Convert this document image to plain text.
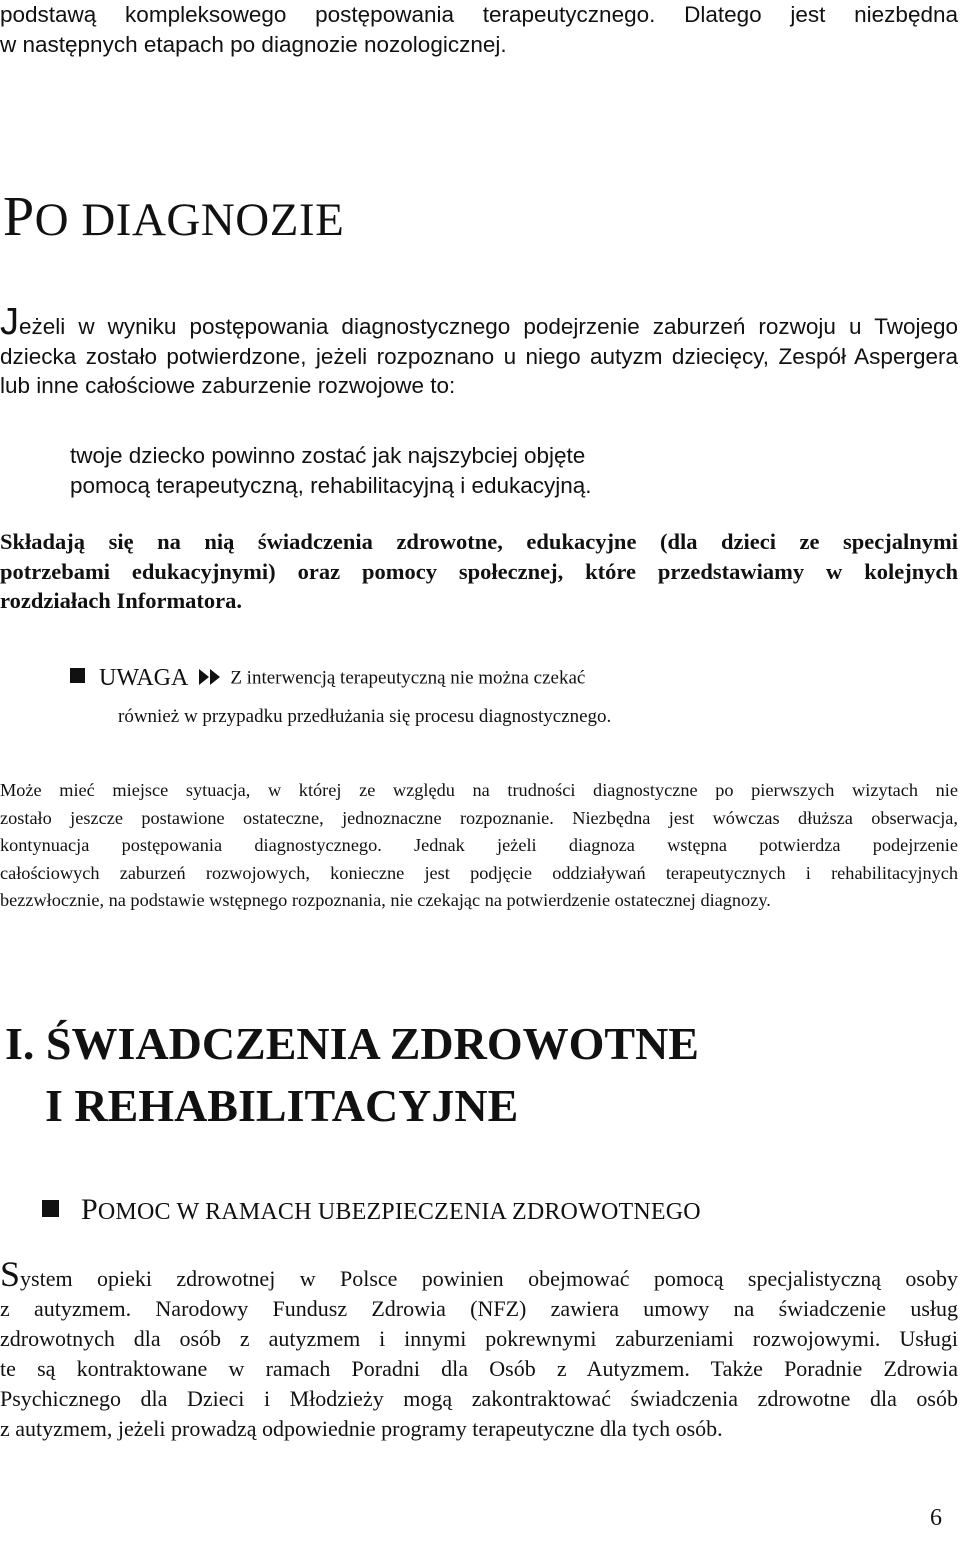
podstawą kompleksowego postępowania terapeutycznego. Dlatego jest niezbędna
w następnych etapach po diagnozie nozologicznej.
PO DIAGNOZIE
Jeżeli w wyniku postępowania diagnostycznego podejrzenie zaburzeń rozwoju u Twojego
dziecka zostało potwierdzone, jeżeli rozpoznano u niego autyzm dziecięcy, Zespół Aspergera
lub inne całościowe zaburzenie rozwojowe to:
twoje dziecko powinno zostać jak najszybciej objęte
pomocą terapeutyczną, rehabilitacyjną i edukacyjną.
Składają się na nią świadczenia zdrowotne, edukacyjne (dla dzieci ze specjalnymi
potrzebami edukacyjnymi) oraz pomocy społecznej, które przedstawiamy w kolejnych
rozdziałach Informatora.
UWAGA Z interwencją terapeutyczną nie można czekać
również w przypadku przedłużania się procesu diagnostycznego.
Może mieć miejsce sytuacja, w której ze względu na trudności diagnostyczne po pierwszych wizytach nie
zostało jeszcze postawione ostateczne, jednoznaczne rozpoznanie. Niezbędna jest wówczas dłuższa obserwacja,
kontynuacja postępowania diagnostycznego. Jednak jeżeli diagnoza wstępna potwierdza podejrzenie
całościowych zaburzeń rozwojowych, konieczne jest podjęcie oddziaływań terapeutycznych i rehabilitacyjnych
bezzwłocznie, na podstawie wstępnego rozpoznania, nie czekając na potwierdzenie ostatecznej diagnozy.
I. ŚWIADCZENIA ZDROWOTNE
I REHABILITACYJNE
POMOC W RAMACH UBEZPIECZENIA ZDROWOTNEGO
System opieki zdrowotnej w Polsce powinien obejmować pomocą specjalistyczną osoby
z autyzmem. Narodowy Fundusz Zdrowia (NFZ) zawiera umowy na świadczenie usług
zdrowotnych dla osób z autyzmem i innymi pokrewnymi zaburzeniami rozwojowymi. Usługi
te są kontraktowane w ramach Poradni dla Osób z Autyzmem. Także Poradnie Zdrowia
Psychicznego dla Dzieci i Młodzieży mogą zakontraktować świadczenia zdrowotne dla osób
z autyzmem, jeżeli prowadzą odpowiednie programy terapeutyczne dla tych osób.
6
